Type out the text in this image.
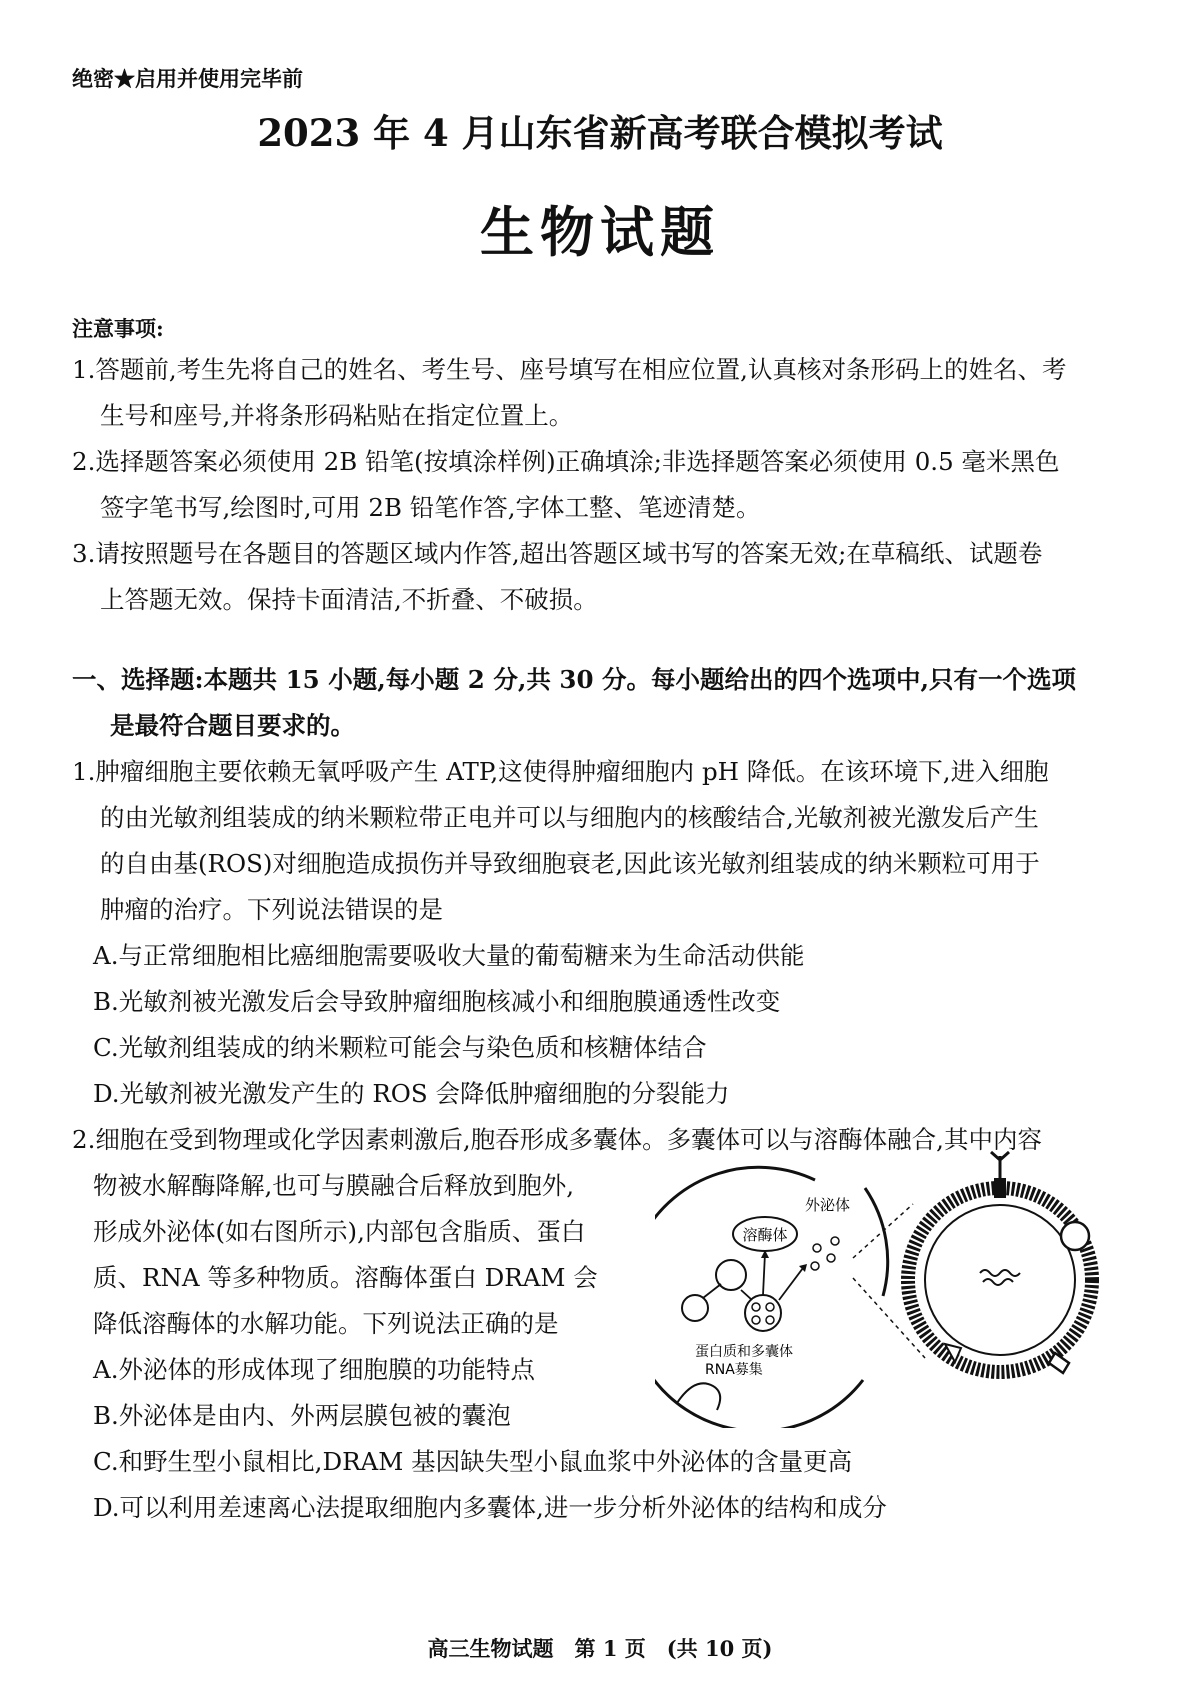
绝密★启用并使用完毕前
2023 年 4 月山东省新高考联合模拟考试
生物试题
注意事项:
1.答题前,考生先将自己的姓名、考生号、座号填写在相应位置,认真核对条形码上的姓名、考
生号和座号,并将条形码粘贴在指定位置上。
2.选择题答案必须使用 2B 铅笔(按填涂样例)正确填涂;非选择题答案必须使用 0.5 毫米黑色
签字笔书写,绘图时,可用 2B 铅笔作答,字体工整、笔迹清楚。
3.请按照题号在各题目的答题区域内作答,超出答题区域书写的答案无效;在草稿纸、试题卷
上答题无效。保持卡面清洁,不折叠、不破损。
一、选择题:本题共 15 小题,每小题 2 分,共 30 分。每小题给出的四个选项中,只有一个选项
是最符合题目要求的。
1.肿瘤细胞主要依赖无氧呼吸产生 ATP,这使得肿瘤细胞内 pH 降低。在该环境下,进入细胞
的由光敏剂组装成的纳米颗粒带正电并可以与细胞内的核酸结合,光敏剂被光激发后产生
的自由基(ROS)对细胞造成损伤并导致细胞衰老,因此该光敏剂组装成的纳米颗粒可用于
肿瘤的治疗。下列说法错误的是
A.与正常细胞相比癌细胞需要吸收大量的葡萄糖来为生命活动供能
B.光敏剂被光激发后会导致肿瘤细胞核减小和细胞膜通透性改变
C.光敏剂组装成的纳米颗粒可能会与染色质和核糖体结合
D.光敏剂被光激发产生的 ROS 会降低肿瘤细胞的分裂能力
2.细胞在受到物理或化学因素刺激后,胞吞形成多囊体。多囊体可以与溶酶体融合,其中内容
物被水解酶降解,也可与膜融合后释放到胞外,
形成外泌体(如右图所示),内部包含脂质、蛋白
质、RNA 等多种物质。溶酶体蛋白 DRAM 会
降低溶酶体的水解功能。下列说法正确的是
A.外泌体的形成体现了细胞膜的功能特点
B.外泌体是由内、外两层膜包被的囊泡
C.和野生型小鼠相比,DRAM 基因缺失型小鼠血浆中外泌体的含量更高
D.可以利用差速离心法提取细胞内多囊体,进一步分析外泌体的结构和成分
溶酶体
外泌体
蛋白质和多囊体
RNA募集
高三生物试题　第 1 页　(共 10 页)
